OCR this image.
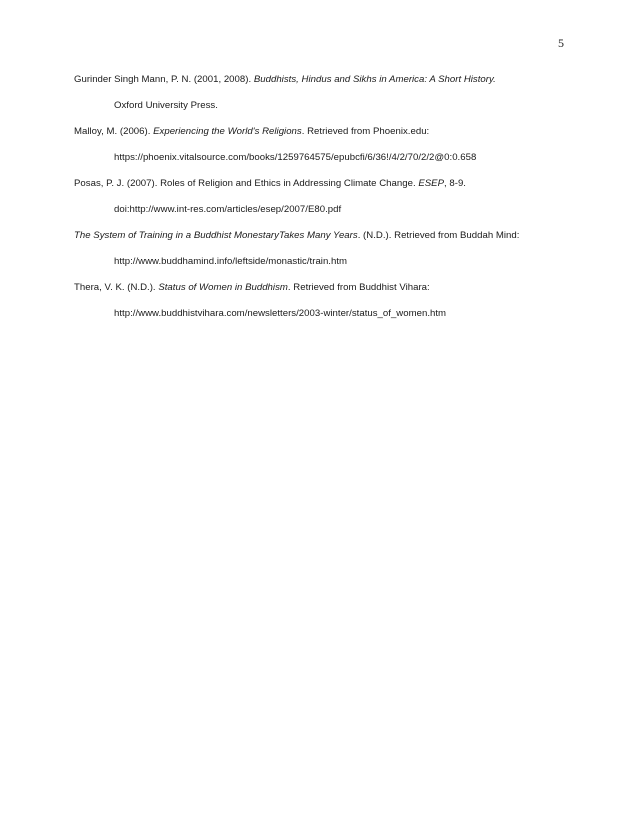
5
Gurinder Singh Mann, P. N. (2001, 2008). Buddhists, Hindus and Sikhs in America: A Short History.
Oxford University Press.
Malloy, M. (2006). Experiencing the World's Religions. Retrieved from Phoenix.edu:
https://phoenix.vitalsource.com/books/1259764575/epubcfi/6/36!/4/2/70/2/2@0:0.658
Posas, P. J. (2007). Roles of Religion and Ethics in Addressing Climate Change. ESEP, 8-9.
doi:http://www.int-res.com/articles/esep/2007/E80.pdf
The System of Training in a Buddhist MonestaryTakes Many Years. (N.D.). Retrieved from Buddah Mind:
http://www.buddhamind.info/leftside/monastic/train.htm
Thera, V. K. (N.D.). Status of Women in Buddhism. Retrieved from Buddhist Vihara:
http://www.buddhistvihara.com/newsletters/2003-winter/status_of_women.htm
